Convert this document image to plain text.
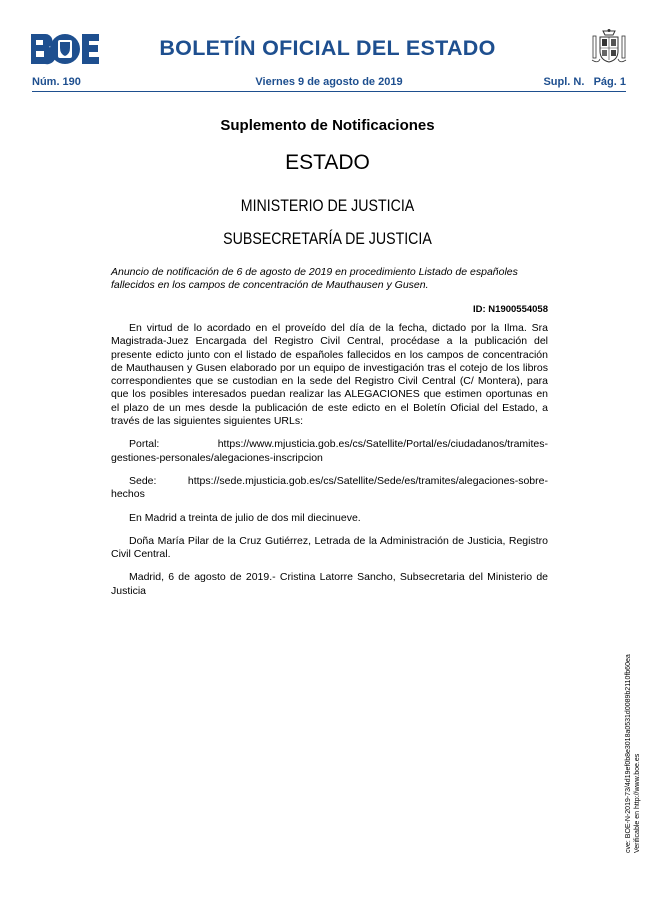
BOLETÍN OFICIAL DEL ESTADO
Núm. 190	Viernes 9 de agosto de 2019	Supl. N.   Pág. 1
Suplemento de Notificaciones
ESTADO
MINISTERIO DE JUSTICIA
SUBSECRETARÍA DE JUSTICIA
Anuncio de notificación de 6 de agosto de 2019 en procedimiento Listado de españoles fallecidos en los campos de concentración de Mauthausen y Gusen.
ID: N1900554058

En virtud de lo acordado en el proveído del día de la fecha, dictado por la Ilma. Sra Magistrada-Juez Encargada del Registro Civil Central, procédase a la publicación del presente edicto junto con el listado de españoles fallecidos en los campos de concentración de Mauthausen y Gusen elaborado por un equipo de investigación tras el cotejo de los libros correspondientes que se custodian en la sede del Registro Civil Central (C/ Montera), para que los posibles interesados puedan realizar las ALEGACIONES que estimen oportunas en el plazo de un mes desde la publicación de este edicto en el Boletín Oficial del Estado, a través de las siguientes siguientes URLs:

Portal:          https://www.mjusticia.gob.es/cs/Satellite/Portal/es/ciudadanos/tramites-gestiones-personales/alegaciones-inscripcion

Sede: https://sede.mjusticia.gob.es/cs/Satellite/Sede/es/tramites/alegaciones-sobre-hechos

En Madrid a treinta de julio de dos mil diecinueve.

Doña María Pilar de la Cruz Gutiérrez, Letrada de la Administración de Justicia, Registro Civil Central.

Madrid, 6 de agosto de 2019.- Cristina Latorre Sancho, Subsecretaria del Ministerio de Justicia

cve: BOE-N-2019-73/4d19ef0b8e3018a0531d0089b2110fb60ea Verificable en http://www.boe.es
